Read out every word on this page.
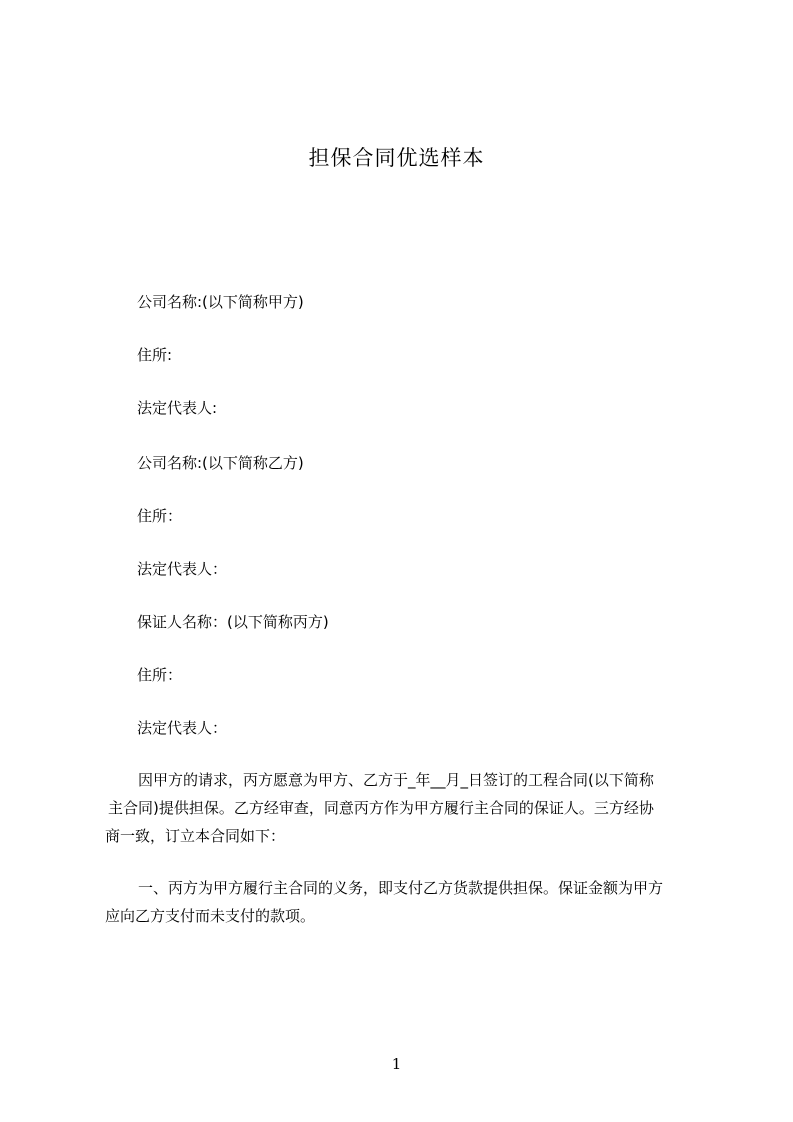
担保合同优选样本
公司名称:(以下简称甲方)
住所:
法定代表人:
公司名称:(以下简称乙方)
住所：
法定代表人：
保证人名称：(以下简称丙方)
住所：
法定代表人：
因甲方的请求，丙方愿意为甲方、乙方于_年__月_日签订的工程合同(以下简称
主合同)提供担保。乙方经审查，同意丙方作为甲方履行主合同的保证人。三方经协
商一致，订立本合同如下：
一、丙方为甲方履行主合同的义务，即支付乙方货款提供担保。保证金额为甲方
应向乙方支付而未支付的款项。
1
